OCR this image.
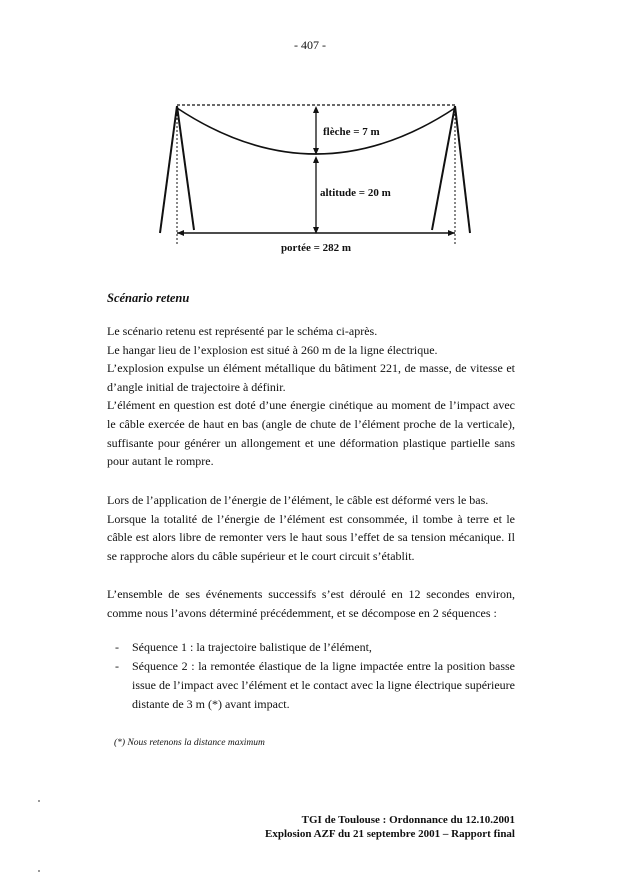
- 407 -
flèche = 7 m
altitude = 20 m
portée = 282 m
Scénario retenu

Le scénario retenu est représenté par le schéma ci-après.

Le hangar lieu de l’explosion est situé à 260 m de la ligne électrique.

L’explosion expulse un élément métallique du bâtiment 221, de masse, de vitesse et d’angle initial de trajectoire à définir.

L’élément en question est doté d’une énergie cinétique au moment de l’impact avec le câble exercée de haut en bas (angle de chute de l’élément proche de la verticale), suffisante pour générer un allongement et une déformation plastique partielle sans pour autant le rompre.

Lors de l’application de l’énergie de l’élément, le câble est déformé vers le bas.

Lorsque la totalité de l’énergie de l’élément est consommée, il tombe à terre et le câble est alors libre de remonter vers le haut sous l’effet de sa tension mécanique. Il se rapproche alors du câble supérieur et le court circuit s’établit.

L’ensemble de ses événements successifs s’est déroulé en 12 secondes environ, comme nous l’avons déterminé précédemment, et se décompose en 2 séquences :

-	Séquence 1 : la trajectoire balistique de l’élément,
-	Séquence 2 : la remontée élastique de la ligne impactée entre la position basse issue de l’impact avec l’élément et le contact avec la ligne électrique supérieure distante de 3 m (*) avant impact.
(*) Nous retenons la distance maximum
TGI de Toulouse : Ordonnance du 12.10.2001
Explosion AZF du 21 septembre 2001 – Rapport final
